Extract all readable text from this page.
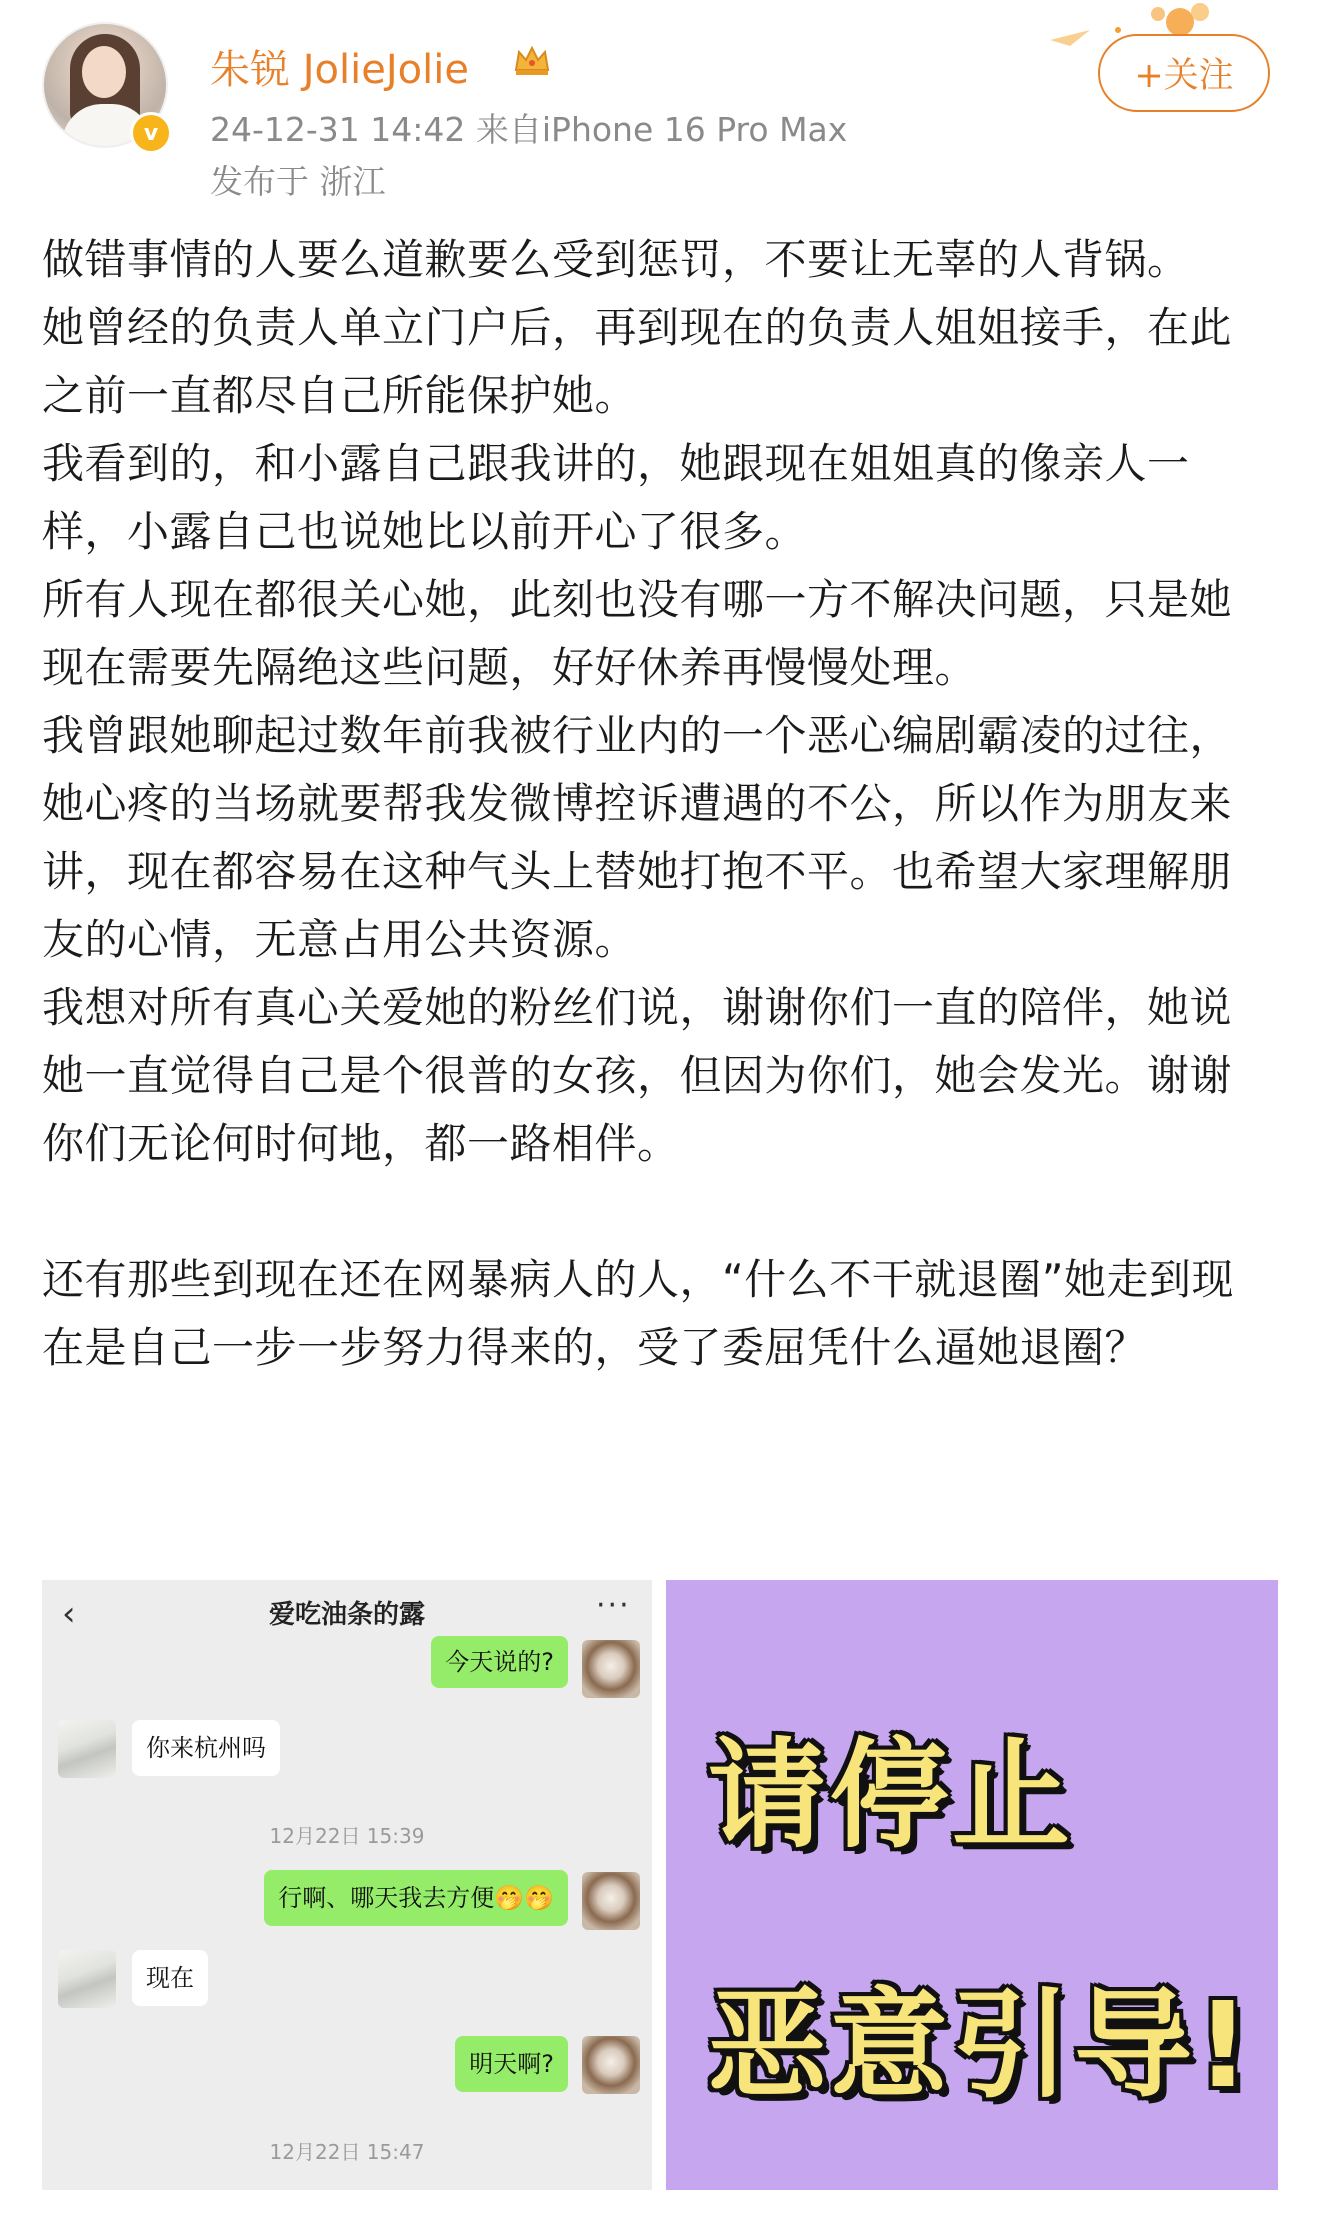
v
朱锐 JolieJolie
24-12-31 14:42 来自iPhone 16 Pro Max
发布于 浙江
+关注

做错事情的人要么道歉要么受到惩罚，不要让无辜的人背锅。

她曾经的负责人单立门户后，再到现在的负责人姐姐接手，在此之前一直都尽自己所能保护她。

我看到的，和小露自己跟我讲的，她跟现在姐姐真的像亲人一样，小露自己也说她比以前开心了很多。

所有人现在都很关心她，此刻也没有哪一方不解决问题，只是她现在需要先隔绝这些问题，好好休养再慢慢处理。

我曾跟她聊起过数年前我被行业内的一个恶心编剧霸凌的过往，她心疼的当场就要帮我发微博控诉遭遇的不公，所以作为朋友来讲，现在都容易在这种气头上替她打抱不平。也希望大家理解朋友的心情，无意占用公共资源。

我想对所有真心关爱她的粉丝们说，谢谢你们一直的陪伴，她说她一直觉得自己是个很普的女孩，但因为你们，她会发光。谢谢你们无论何时何地，都一路相伴。

还有那些到现在还在网暴病人的人，“什么不干就退圈”她走到现在是自己一步一步努力得来的，受了委屈凭什么逼她退圈？

‹	爱吃油条的露	···
今天说的?
你来杭州吗
12月22日 15:39
行啊、哪天我去方便🤭🤭
现在
明天啊?
12月22日 15:47
请停止
恶意引导!
